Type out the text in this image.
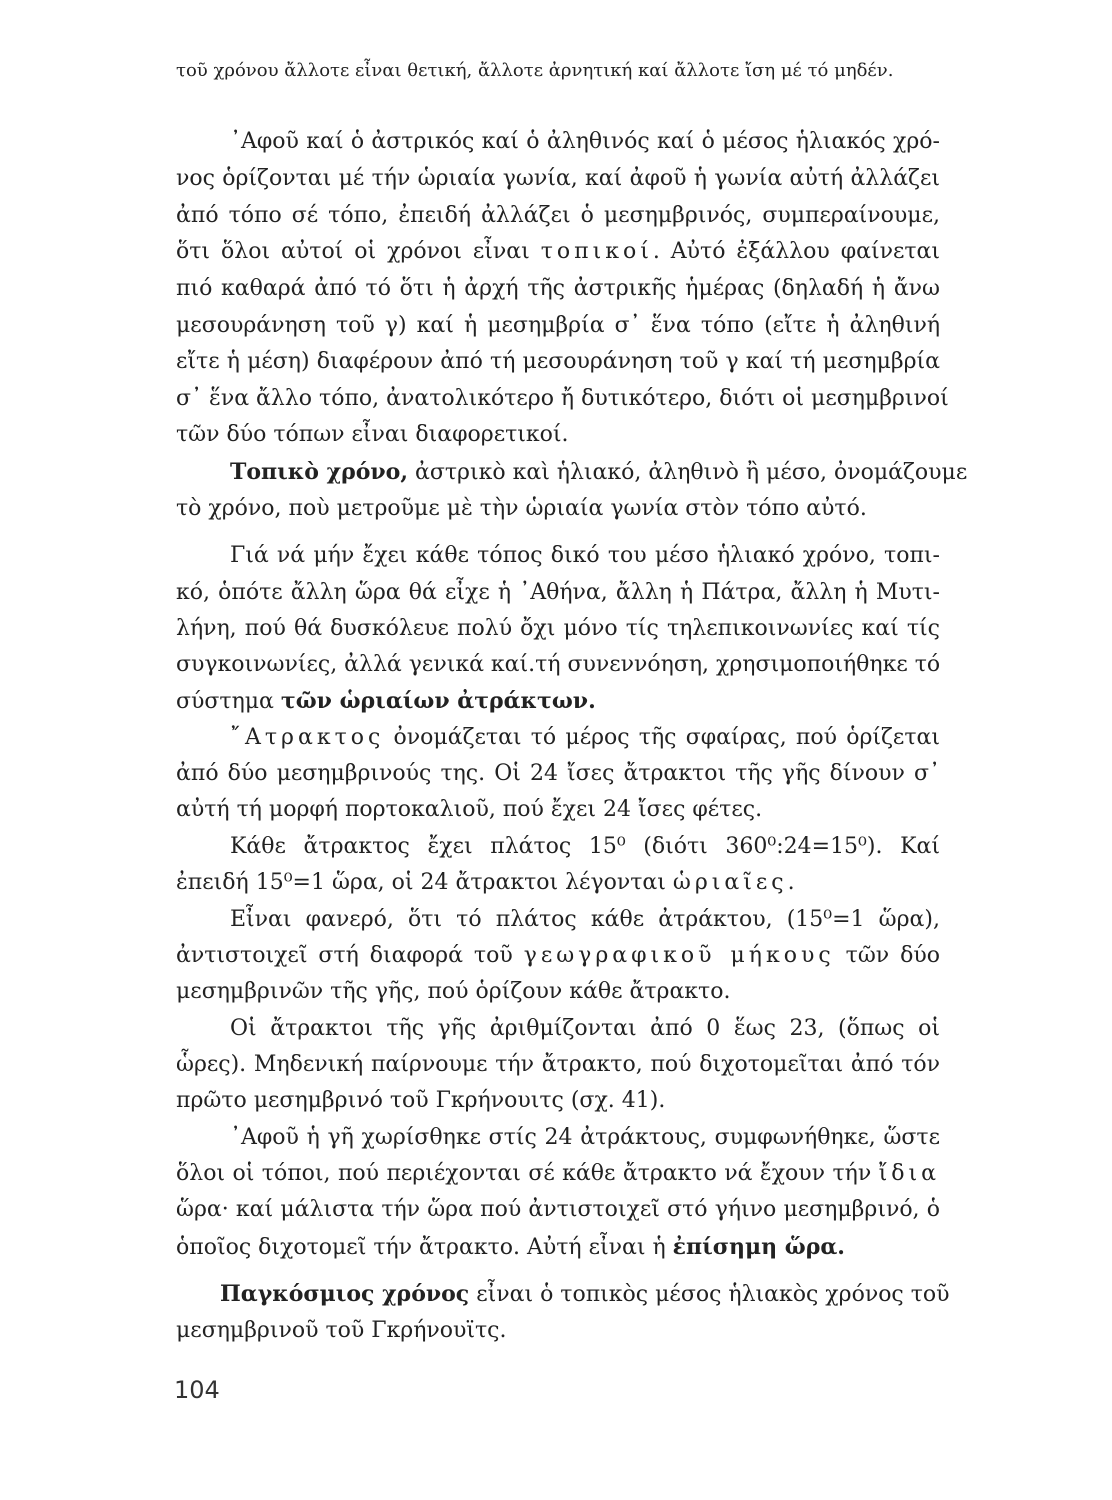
τοῦ χρόνου ἄλλοτε εἶναι θετική, ἄλλοτε ἀρνητική καί ἄλλοτε ἴση μέ τό μηδέν.
᾿Αφοῦ καί ὁ ἀστρικός καί ὁ ἀληθινός καί ὁ μέσος ἡλιακός χρό-
νος ὁρίζονται μέ τήν ὡριαία γωνία, καί ἀφοῦ ἡ γωνία αὐτή ἀλλάζει
ἀπό τόπο σέ τόπο, ἐπειδή ἀλλάζει ὁ μεσημβρινός, συμπεραίνουμε,
ὅτι ὅλοι αὐτοί οἱ χρόνοι εἶναι τοπικοί. Αὐτό ἐξάλλου φαίνεται
πιό καθαρά ἀπό τό ὅτι ἡ ἀρχή τῆς ἀστρικῆς ἡμέρας (δηλαδή ἡ ἄνω
μεσουράνηση τοῦ γ) καί ἡ μεσημβρία σ᾿ ἕνα τόπο (εἴτε ἡ ἀληθινή
εἴτε ἡ μέση) διαφέρουν ἀπό τή μεσουράνηση τοῦ γ καί τή μεσημβρία
σ᾿ ἕνα ἄλλο τόπο, ἀνατολικότερο ἤ δυτικότερο, διότι οἱ μεσημβρινοί
τῶν δύο τόπων εἶναι διαφορετικοί.
Τοπικὸ χρόνο, ἀστρικὸ καὶ ἡλιακό, ἀληθινὸ ἢ μέσο, ὀνομάζουμε
τὸ χρόνο, ποὺ μετροῦμε μὲ τὴν ὡριαία γωνία στὸν τόπο αὐτό.
Γιά νά μήν ἔχει κάθε τόπος δικό του μέσο ἡλιακό χρόνο, τοπι-
κό, ὁπότε ἄλλη ὥρα θά εἶχε ἡ ᾿Αθήνα, ἄλλη ἡ Πάτρα, ἄλλη ἡ Μυτι-
λήνη, πού θά δυσκόλευε πολύ ὄχι μόνο τίς τηλεπικοινωνίες καί τίς
συγκοινωνίες, ἀλλά γενικά καί.τή συνεννόηση, χρησιμοποιήθηκε τό
σύστημα τῶν ὡριαίων ἀτράκτων.
῎Ατρακτος ὀνομάζεται τό μέρος τῆς σφαίρας, πού ὁρίζεται
ἀπό δύο μεσημβρινούς της. Οἱ 24 ἴσες ἄτρακτοι τῆς γῆς δίνουν σ᾿
αὐτή τή μορφή πορτοκαλιοῦ, πού ἔχει 24 ἴσες φέτες.
Κάθε ἄτρακτος ἔχει πλάτος 15⁰ (διότι 360⁰:24=15⁰). Καί
ἐπειδή 15⁰=1 ὥρα, οἱ 24 ἄτρακτοι λέγονται ὡριαῖες.
Εἶναι φανερό, ὅτι τό πλάτος κάθε ἀτράκτου, (15⁰=1 ὥρα),
ἀντιστοιχεῖ στή διαφορά τοῦ γεωγραφικοῦ μήκους τῶν δύο
μεσημβρινῶν τῆς γῆς, πού ὁρίζουν κάθε ἄτρακτο.
Οἱ ἄτρακτοι τῆς γῆς ἀριθμίζονται ἀπό 0 ἕως 23, (ὅπως οἱ
ὧρες). Μηδενική παίρνουμε τήν ἄτρακτο, πού διχοτομεῖται ἀπό τόν
πρῶτο μεσημβρινό τοῦ Γκρήνουιτς (σχ. 41).
᾿Αφοῦ ἡ γῆ χωρίσθηκε στίς 24 ἀτράκτους, συμφωνήθηκε, ὥστε
ὅλοι οἱ τόποι, πού περιέχονται σέ κάθε ἄτρακτο νά ἔχουν τήν ἴδια
ὥρα· καί μάλιστα τήν ὥρα πού ἀντιστοιχεῖ στό γήινο μεσημβρινό, ὁ
ὁποῖος διχοτομεῖ τήν ἄτρακτο. Αὐτή εἶναι ἡ ἐπίσημη ὥρα.
Παγκόσμιος χρόνος εἶναι ὁ τοπικὸς μέσος ἡλιακὸς χρόνος τοῦ
μεσημβρινοῦ τοῦ Γκρήνουϊτς.
104
